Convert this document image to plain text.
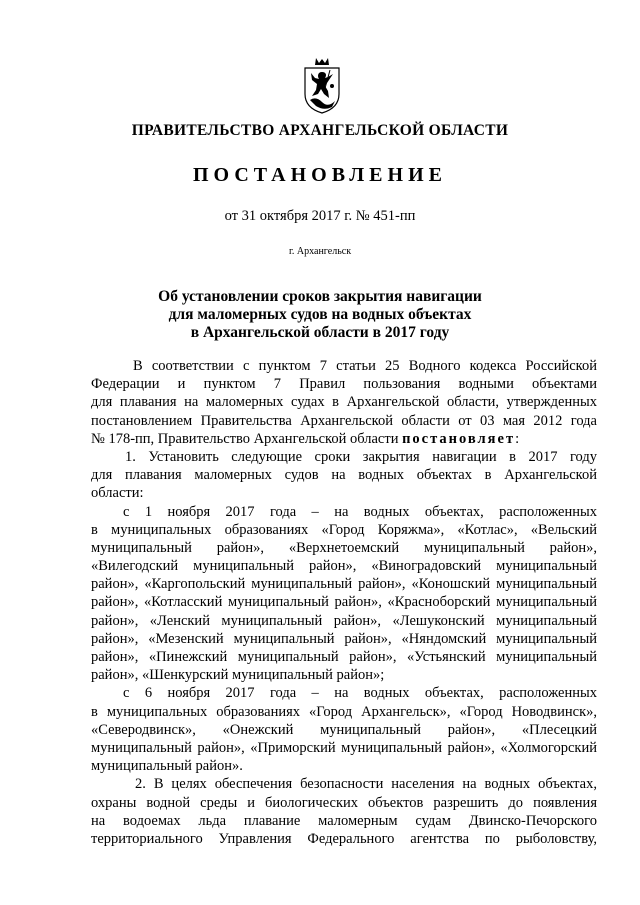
ПРАВИТЕЛЬСТВО АРХАНГЕЛЬСКОЙ ОБЛАСТИ
ПОСТАНОВЛЕНИЕ
от 31 октября 2017 г. № 451-пп
г. Архангельск
Об установлении сроков закрытия навигации
для маломерных судов на водных объектах
в Архангельской области в 2017 году
В соответствии с пунктом 7 статьи 25 Водного кодекса Российской
Федерации и пунктом 7 Правил пользования водными объектами
для плавания на маломерных судах в Архангельской области, утвержденных
постановлением Правительства Архангельской области от 03 мая 2012 года
№ 178-пп, Правительство Архангельской области постановляет:
1. Установить следующие сроки закрытия навигации в 2017 году
для плавания маломерных судов на водных объектах в Архангельской
области:
с 1 ноября 2017 года – на водных объектах, расположенных
в муниципальных образованиях «Город Коряжма», «Котлас», «Вельский
муниципальный район», «Верхнетоемский муниципальный район»,
«Вилегодский муниципальный район», «Виноградовский муниципальный
район», «Каргопольский муниципальный район», «Коношский муниципальный
район», «Котласский муниципальный район», «Красноборский муниципальный
район», «Ленский муниципальный район», «Лешуконский муниципальный
район», «Мезенский муниципальный район», «Няндомский муниципальный
район», «Пинежский муниципальный район», «Устьянский муниципальный
район», «Шенкурский муниципальный район»;
с 6 ноября 2017 года – на водных объектах, расположенных
в муниципальных образованиях «Город Архангельск», «Город Новодвинск»,
«Северодвинск», «Онежский муниципальный район», «Плесецкий
муниципальный район», «Приморский муниципальный район», «Холмогорский
муниципальный район».
2. В целях обеспечения безопасности населения на водных объектах,
охраны водной среды и биологических объектов разрешить до появления
на водоемах льда плавание маломерным судам Двинско-Печорского
территориального Управления Федерального агентства по рыболовству,
